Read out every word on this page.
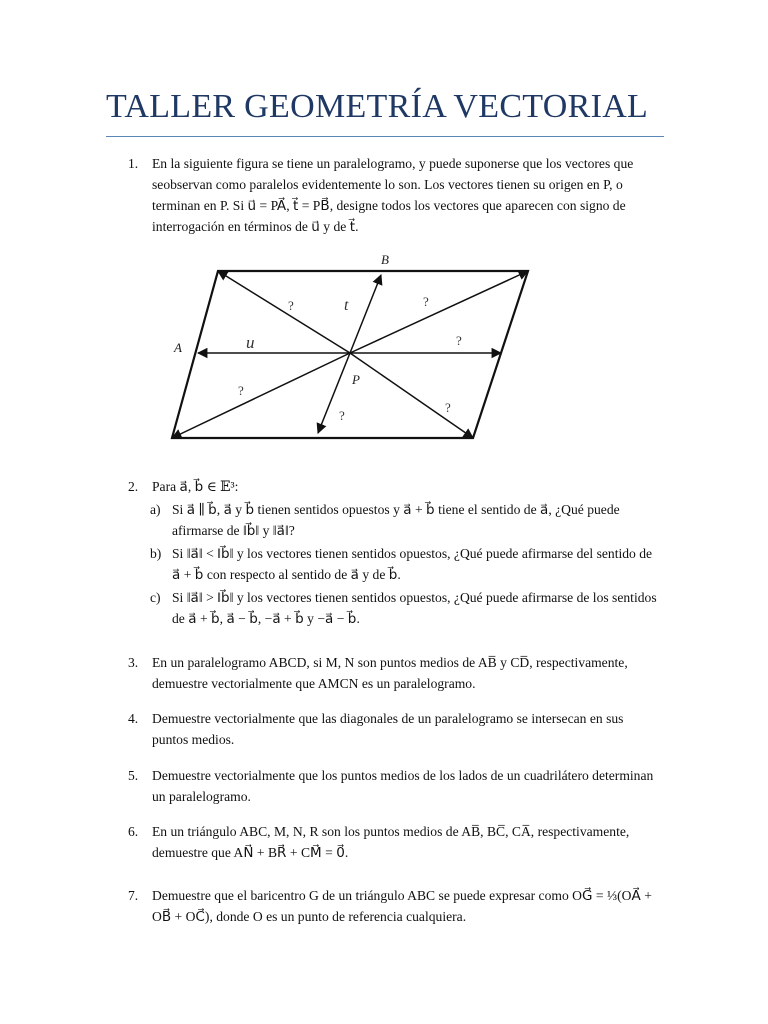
TALLER GEOMETRÍA VECTORIAL
1. En la siguiente figura se tiene un paralelogramo, y puede suponerse que los vectores que seobservan como paralelos evidentemente lo son. Los vectores tienen su origen en P, o terminan en P. Si u⃗ = PA⃗, t⃗ = PB⃗, designe todos los vectores que aparecen con signo de interrogación en términos de u⃗ y de t⃗.
B
A
P
u⃗
t⃗
?	?
?
?
?
?
2. Para a⃗, b⃗ ∈ 𝔼³:
a) Si a⃗ ∥ b⃗, a⃗ y b⃗ tienen sentidos opuestos y a⃗ + b⃗ tiene el sentido de a⃗, ¿Qué puede afirmarse de ‖b⃗‖ y ‖a⃗‖?
b) Si ‖a⃗‖ < ‖b⃗‖ y los vectores tienen sentidos opuestos, ¿Qué puede afirmarse del sentido de a⃗ + b⃗ con respecto al sentido de a⃗ y de b⃗.
c) Si ‖a⃗‖ > ‖b⃗‖ y los vectores tienen sentidos opuestos, ¿Qué puede afirmarse de los sentidos de a⃗ + b⃗, a⃗ − b⃗, −a⃗ + b⃗ y −a⃗ − b⃗.
3. En un paralelogramo ABCD, si M, N son puntos medios de AB̅ y CD̅, respectivamente, demuestre vectorialmente que AMCN es un paralelogramo.
4. Demuestre vectorialmente que las diagonales de un paralelogramo se intersecan en sus puntos medios.
5. Demuestre vectorialmente que los puntos medios de los lados de un cuadrilátero determinan un paralelogramo.
6. En un triángulo ABC, M, N, R son los puntos medios de AB̅, BC̅, CA̅, respectivamente, demuestre que AN⃗ + BR⃗ + CM⃗ = 0⃗.
7. Demuestre que el baricentro G de un triángulo ABC se puede expresar como OG⃗ = ⅓(OA⃗ + OB⃗ + OC⃗), donde O es un punto de referencia cualquiera.
